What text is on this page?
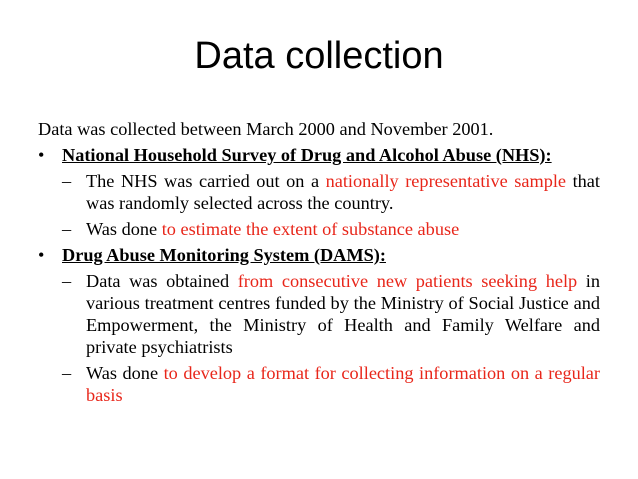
Data collection

Data was collected between March 2000 and November 2001.

• National Household Survey of Drug and Alcohol Abuse (NHS):
– The NHS was carried out on a nationally representative sample that was randomly selected across the country.
– Was done to estimate the extent of substance abuse
• Drug Abuse Monitoring System (DAMS):
– Data was obtained from consecutive new patients seeking help in various treatment centres funded by the Ministry of Social Justice and Empowerment, the Ministry of Health and Family Welfare and private psychiatrists
– Was done to develop a format for collecting information on a regular basis
